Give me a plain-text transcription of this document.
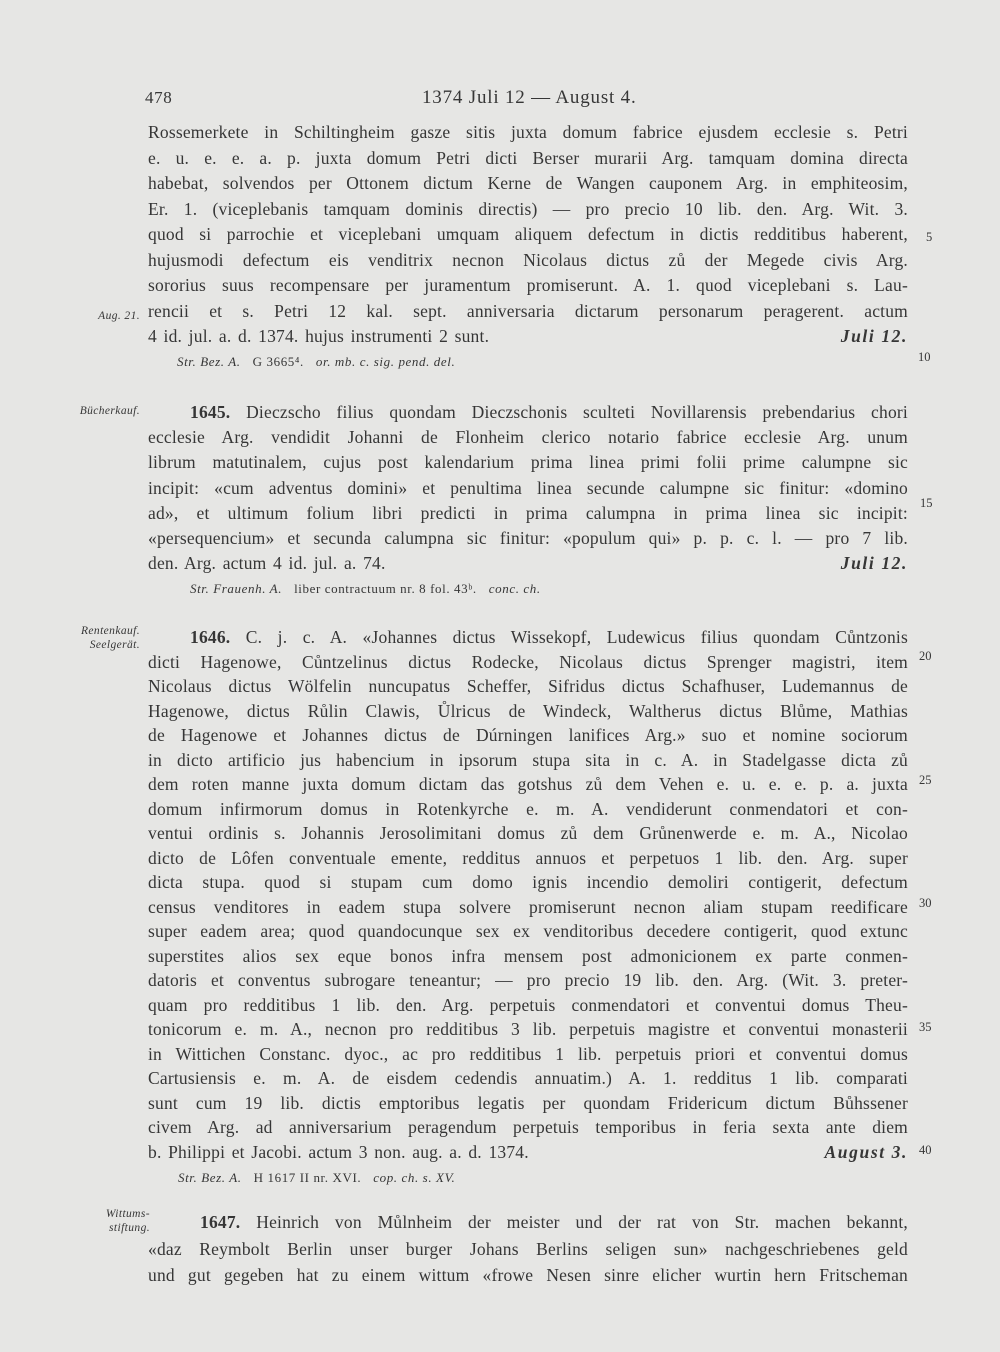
478	1374 Juli 12 — August 4.
Aug. 21.
Rossemerkete in Schiltingheim gasze sitis juxta domum fabrice ejusdem ecclesie s. Petri
e. u. e. e. a. p. juxta domum Petri dicti Berser murarii Arg. tamquam domina directa
habebat, solvendos per Ottonem dictum Kerne de Wangen cauponem Arg. in emphiteosim,
Er. 1. (viceplebanis tamquam dominis directis) — pro precio 10 lib. den. Arg. Wit. 3.
quod si parrochie et viceplebani umquam aliquem defectum in dictis redditibus haberent,
hujusmodi defectum eis venditrix necnon Nicolaus dictus zů der Megede civis Arg.
sororius suus recompensare per juramentum promiserunt. A. 1. quod viceplebani s. Lau-
rencii et s. Petri 12 kal. sept. anniversaria dictarum personarum peragerent. actum
4 id. jul. a. d. 1374. hujus instrumenti 2 sunt.	Juli 12.
Str. Bez. A. G 3665⁴. or. mb. c. sig. pend. del.
Bücherkauf.	1645. Dieczscho filius quondam Dieczschonis sculteti Novillarensis prebendarius chori
ecclesie Arg. vendidit Johanni de Flonheim clerico notario fabrice ecclesie Arg. unum
librum matutinalem, cujus post kalendarium prima linea primi folii prime calumpne sic
incipit: «cum adventus domini» et penultima linea secunde calumpne sic finitur: «domino
ad», et ultimum folium libri predicti in prima calumpna in prima linea sic incipit:
«persequencium» et secunda calumpna sic finitur: «populum qui» p. p. c. l. — pro 7 lib.
den. Arg. actum 4 id. jul. a. 74.	Juli 12.
Str. Frauenh. A. liber contractuum nr. 8 fol. 43ᵇ. conc. ch.
Rentenkauf.
Seelgerät.	1646. C. j. c. A. «Johannes dictus Wissekopf, Ludewicus filius quondam Cůntzonis
dicti Hagenowe, Cůntzelinus dictus Rodecke, Nicolaus dictus Sprenger magistri, item
Nicolaus dictus Wölfelin nuncupatus Scheffer, Sifridus dictus Schafhuser, Ludemannus de
Hagenowe, dictus Růlin Clawis, Ůlricus de Windeck, Waltherus dictus Blůme, Mathias
de Hagenowe et Johannes dictus de Dúrningen lanifices Arg.» suo et nomine sociorum
in dicto artificio jus habencium in ipsorum stupa sita in c. A. in Stadelgasse dicta zů
dem roten manne juxta domum dictam das gotshus zů dem Vehen e. u. e. e. p. a. juxta
domum infirmorum domus in Rotenkyrche e. m. A. vendiderunt conmendatori et con-
ventui ordinis s. Johannis Jerosolimitani domus zů dem Grůnenwerde e. m. A., Nicolao
dicto de Lôfen conventuale emente, redditus annuos et perpetuos 1 lib. den. Arg. super
dicta stupa. quod si stupam cum domo ignis incendio demoliri contigerit, defectum
census venditores in eadem stupa solvere promiserunt necnon aliam stupam reedificare
super eadem area; quod quandocunque sex ex venditoribus decedere contigerit, quod extunc
superstites alios sex eque bonos infra mensem post admonicionem ex parte conmen-
datoris et conventus subrogare teneantur; — pro precio 19 lib. den. Arg. (Wit. 3. preter-
quam pro redditibus 1 lib. den. Arg. perpetuis conmendatori et conventui domus Theu-
tonicorum e. m. A., necnon pro redditibus 3 lib. perpetuis magistre et conventui monasterii
in Wittichen Constanc. dyoc., ac pro redditibus 1 lib. perpetuis priori et conventui domus
Cartusiensis e. m. A. de eisdem cedendis annuatim.) A. 1. redditus 1 lib. comparati
sunt cum 19 lib. dictis emptoribus legatis per quondam Fridericum dictum Bůhssener
civem Arg. ad anniversarium peragendum perpetuis temporibus in feria sexta ante diem
b. Philippi et Jacobi. actum 3 non. aug. a. d. 1374.	August 3.
Str. Bez. A. H 1617 II nr. XVI. cop. ch. s. XV.
Wittums-
stiftung.	1647. Heinrich von Můlnheim der meister und der rat von Str. machen bekannt,
«daz Reymbolt Berlin unser burger Johans Berlins seligen sun» nachgeschriebenes geld
und gut gegeben hat zu einem wittum «frowe Nesen sinre elicher wurtin hern Fritscheman
5
10
15
20
25
30
35
40
